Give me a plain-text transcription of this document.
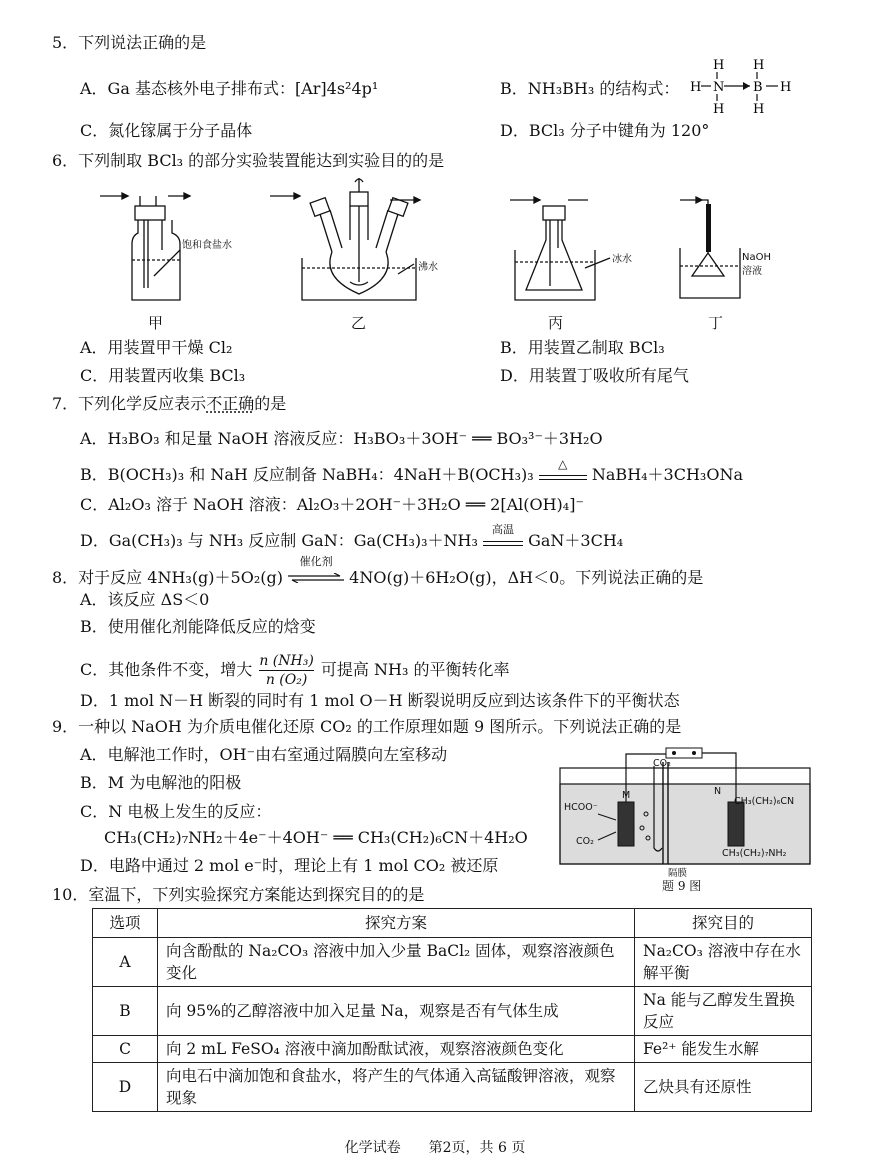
5．下列说法正确的是
A．Ga 基态核外电子排布式：[Ar]4s²4p¹	B．NH₃BH₃ 的结构式：
H H
H N B H
H H
C．氮化镓属于分子晶体	D．BCl₃ 分子中键角为 120°
6．下列制取 BCl₃ 的部分实验装置能达到实验目的的是
饱和食盐水
沸水
冰水	NaOH
溶液
甲	乙	丙	丁
A．用装置甲干燥 Cl₂	B．用装置乙制取 BCl₃
C．用装置丙收集 BCl₃	D．用装置丁吸收所有尾气
7．下列化学反应表示不正确的是
A．H₃BO₃ 和足量 NaOH 溶液反应：H₃BO₃＋3OH⁻ ══ BO₃³⁻＋3H₂O
B．B(OCH₃)₃ 和 NaH 反应制备 NaBH₄：4NaH＋B(OCH₃)₃
△
NaBH₄＋3CH₃ONa
C．Al₂O₃ 溶于 NaOH 溶液：Al₂O₃＋2OH⁻＋3H₂O ══ 2[Al(OH)₄]⁻
D．Ga(CH₃)₃ 与 NH₃ 反应制 GaN：Ga(CH₃)₃＋NH₃
高温
GaN＋3CH₄
8．对于反应 4NH₃(g)＋5O₂(g)
催化剂
4NO(g)＋6H₂O(g)，ΔH＜0。下列说法正确的是
A．该反应 ΔS＜0
B．使用催化剂能降低反应的焓变
C．其他条件不变，增大 $\frac{\text{n (NH₃)}}{\text{n (O₂)}}$ 可提高 NH₃ 的平衡转化率
D．1 mol N－H 断裂的同时有 1 mol O－H 断裂说明反应到达该条件下的平衡状态
9．一种以 NaOH 为介质电催化还原 CO₂ 的工作原理如题 9 图所示。下列说法正确的是
A．电解池工作时，OH⁻由右室通过隔膜向左室移动
B．M 为电解池的阳极
C．N 电极上发生的反应：
CH₃(CH₂)₇NH₂＋4e⁻＋4OH⁻ ══ CH₃(CH₂)₆CN＋4H₂O
D．电路中通过 2 mol e⁻时，理论上有 1 mol CO₂ 被还原
CO₂
HCOO⁻
CO₂
M	N
CH₃(CH₂)₆CN
CH₃(CH₂)₇NH₂
隔膜
题 9 图
10．室温下，下列实验探究方案能达到探究目的的是
选项	探究方案	探究目的
A	向含酚酞的 Na₂CO₃ 溶液中加入少量 BaCl₂ 固体，观察溶液颜色变化	Na₂CO₃ 溶液中存在水解平衡
B	向 95%的乙醇溶液中加入足量 Na，观察是否有气体生成	Na 能与乙醇发生置换反应
C	向 2 mL FeSO₄ 溶液中滴加酚酞试液，观察溶液颜色变化	Fe²⁺ 能发生水解
D	向电石中滴加饱和食盐水，将产生的气体通入高锰酸钾溶液，观察现象	乙炔具有还原性
化学试卷　　第2页，共 6 页
